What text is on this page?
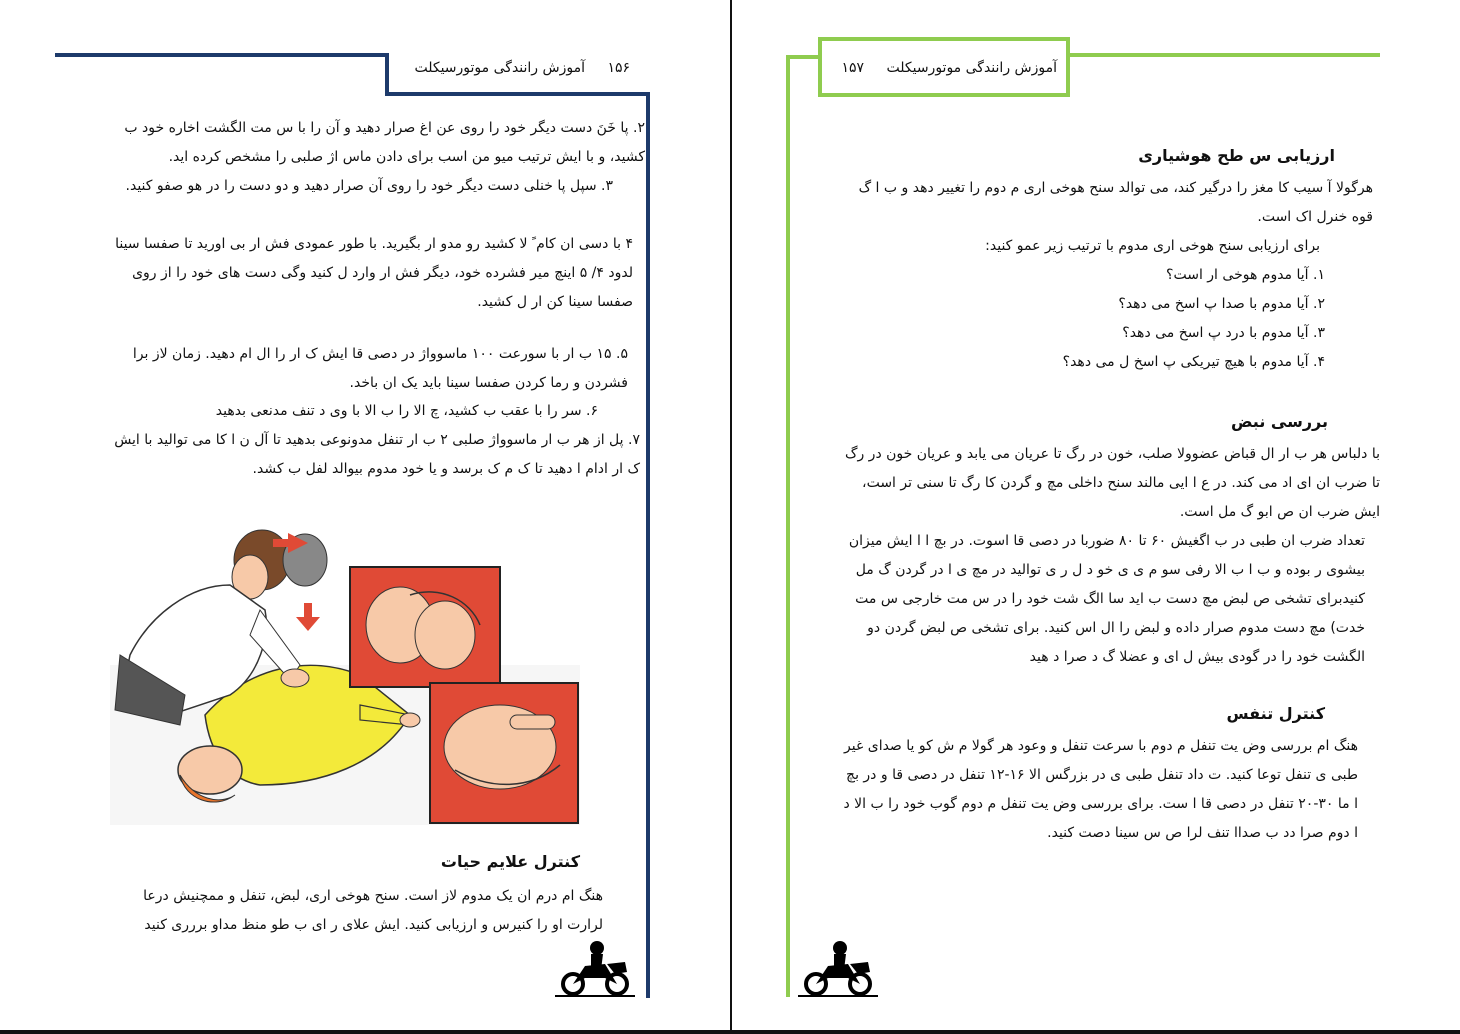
۱۵۶ آموزش رانندگی موتورسیکلت
۲. پا خَنَ دست دیگر خود را روی عن اغ صرار دهید و آن را با س مت الگشت اخاره خود ب کشید، و با ایش ترتیب میو من اسب برای دادن ماس اژ صلبی را مشخص کرده اید.
۳. سپل پا خنلی دست دیگر خود را روی آن صرار دهید و دو دست را در هو صفو کنید.
۴ با دسی ان کام ً لا کشید رو مدو ار بگیرید. با طور عمودی فش ار بی اورید تا صفسا سینا لدود ۴/ ۵ اینچ میر فشرده خود، دیگر فش ار وارد ل کنید وگی دست های خود را از روی صفسا سینا کن ار ل کشید.
۵. ۱۵ ب ار با سورعت ۱۰۰ ماسوواژ در دصی قا ایش ک ار را ال ام دهید. زمان لاز برا فشردن و رما کردن صفسا سینا باید یک ان باخد.
۶. سر را با عقب ب کشید، چ الا را ب الا با وی د تنف مدنعی بدهید
۷. پل از هر ب ار ماسوواژ صلبی ۲ ب ار تنفل مدونوعی بدهید تا آل ن ا کا می توالید با ایش ک ار ادام ا دهید تا ک م ک برسد و یا خود مدوم بیوالد لفل ب کشد.
کنترل علایم حیات
هنگ ام درم ان یک مدوم لاز است. سنح هوخی اری، لبض، تنفل و ممچنیش درعا لرارت او را کنیرس و ارزیابی کنید. ایش علای ر ای ب طو منظ مداو بررری کنید
آموزش رانندگی موتورسیکلت ۱۵۷
ارزیابی س طح هوشیاری
هرگولا آ سیب کا مغز را درگیر کند، می توالد سنح هوخی اری م دوم را تغییر دهد و ب ا گ قوه خنرل اک است.
برای ارزیابی سنح هوخی اری مدوم با ترتیب زیر عمو کنید:
۱. آیا مدوم هوخی ار است؟
۲. آیا مدوم با صدا پ اسخ می دهد؟
۳. آیا مدوم با درد پ اسخ می دهد؟
۴. آیا مدوم با هیچ تیریکی پ اسخ ل می دهد؟
بررسی نبض
با دلباس هر ب ار ال قباض عضوولا صلب، خون در رگ تا عریان می یابد و عریان خون در رگ تا ضرب ان ای اد می کند. در ع ا ایی مالند سنح داخلی مچ و گردن کا رگ تا سنی تر است، ایش ضرب ان ص ابو گ مل است.
تعداد ضرب ان طبی در ب اگغیش ۶۰ تا ۸۰ ضوربا در دصی قا اسوت. در بچ ا ا ایش میزان بیشوی ر بوده و ب ا ب الا رفی سو م ی ی خو د ل ر ی توالید در مچ ی ا در گردن گ مل کنیدبرای تشخی ص لبض مچ دست ب اید سا الگ شت خود را در س مت خارجی س مت خدت) مچ دست مدوم صرار داده و لبض را ال اس کنید. برای تشخی ص لبض گردن دو الگشت خود را در گودی بیش ل ای و عضلا گ د صرا د هید
کنترل تنفس
هنگ ام بررسی وض یت تنفل م دوم با سرعت تنفل و وعود هر گولا م ش کو یا صدای غیر طبی ی تنفل توعا کنید. ت داد تنفل طبی ی در بزرگس الا ۱۶-۱۲ تنفل در دصی قا و در بچ ا ما ۳۰-۲۰ تنفل در دصی قا ا ست. برای بررسی وض یت تنفل م دوم گوب خود را ب الا د ا دوم صرا دد ب صداا تنف لرا ص س سینا دصت کنید.
